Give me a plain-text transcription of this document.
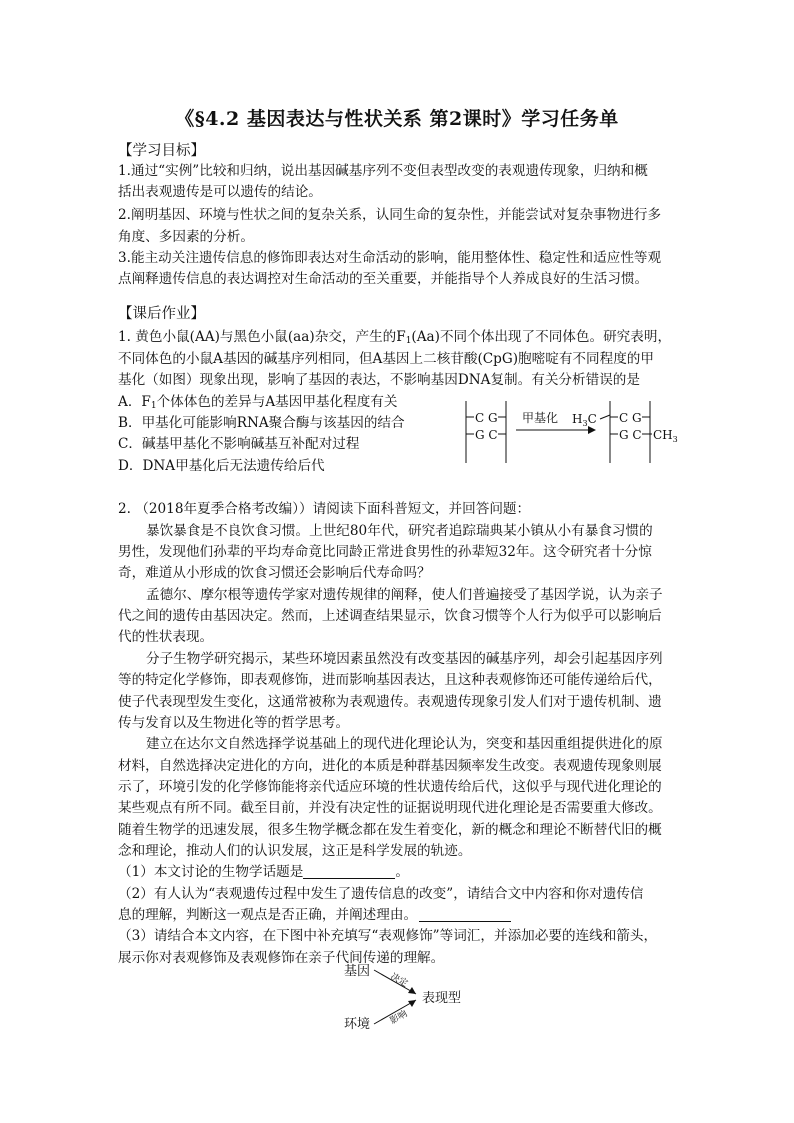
《§4.2 基因表达与性状关系 第2课时》学习任务单
【学习目标】
1.通过“实例”比较和归纳，说出基因碱基序列不变但表型改变的表观遗传现象，归纳和概
括出表观遗传是可以遗传的结论。
2.阐明基因、环境与性状之间的复杂关系，认同生命的复杂性，并能尝试对复杂事物进行多
角度、多因素的分析。
3.能主动关注遗传信息的修饰即表达对生命活动的影响，能用整体性、稳定性和适应性等观
点阐释遗传信息的表达调控对生命活动的至关重要，并能指导个人养成良好的生活习惯。
【课后作业】
1. 黄色小鼠(AA)与黑色小鼠(aa)杂交，产生的$F_1(Aa)$不同个体出现了不同体色。研究表明，
不同体色的小鼠A基因的碱基序列相同，但A基因上二核苷酸(CpG)胞嘧啶有不同程度的甲
基化（如图）现象出现，影响了基因的表达，不影响基因DNA复制。有关分析错误的是
A．$F_1$个体体色的差异与A基因甲基化程度有关
B．甲基化可能影响RNA聚合酶与该基因的结合
C．碱基甲基化不影响碱基互补配对过程
D．DNA甲基化后无法遗传给后代
C G
G C
甲基化 $H_3C$ C G
G C $CH_3$
2. （2018年夏季合格考改编））请阅读下面科普短文，并回答问题：
暴饮暴食是不良饮食习惯。上世纪80年代，研究者追踪瑞典某小镇从小有暴食习惯的
男性，发现他们孙辈的平均寿命竟比同龄正常进食男性的孙辈短32年。这令研究者十分惊
奇，难道从小形成的饮食习惯还会影响后代寿命吗？
孟德尔、摩尔根等遗传学家对遗传规律的阐释，使人们普遍接受了基因学说，认为亲子
代之间的遗传由基因决定。然而，上述调查结果显示，饮食习惯等个人行为似乎可以影响后
代的性状表现。
分子生物学研究揭示，某些环境因素虽然没有改变基因的碱基序列，却会引起基因序列
等的特定化学修饰，即表观修饰，进而影响基因表达，且这种表观修饰还可能传递给后代，
使子代表现型发生变化，这通常被称为表观遗传。表观遗传现象引发人们对于遗传机制、遗
传与发育以及生物进化等的哲学思考。
建立在达尔文自然选择学说基础上的现代进化理论认为，突变和基因重组提供进化的原
材料，自然选择决定进化的方向，进化的本质是种群基因频率发生改变。表观遗传现象则展
示了，环境引发的化学修饰能将亲代适应环境的性状遗传给后代，这似乎与现代进化理论的
某些观点有所不同。截至目前，并没有决定性的证据说明现代进化理论是否需要重大修改。
随着生物学的迅速发展，很多生物学概念都在发生着变化，新的概念和理论不断替代旧的概
念和理论，推动人们的认识发展，这正是科学发展的轨迹。
（1）本文讨论的生物学话题是	。
（2）有人认为“表观遗传过程中发生了遗传信息的改变”，请结合文中内容和你对遗传信
息的理解，判断这一观点是否正确，并阐述理由。
（3）请结合本文内容，在下图中补充填写“表观修饰”等词汇，并添加必要的连线和箭头，
展示你对表观修饰及表观修饰在亲子代间传递的理解。
基因
环境
表现型
决定
影响
